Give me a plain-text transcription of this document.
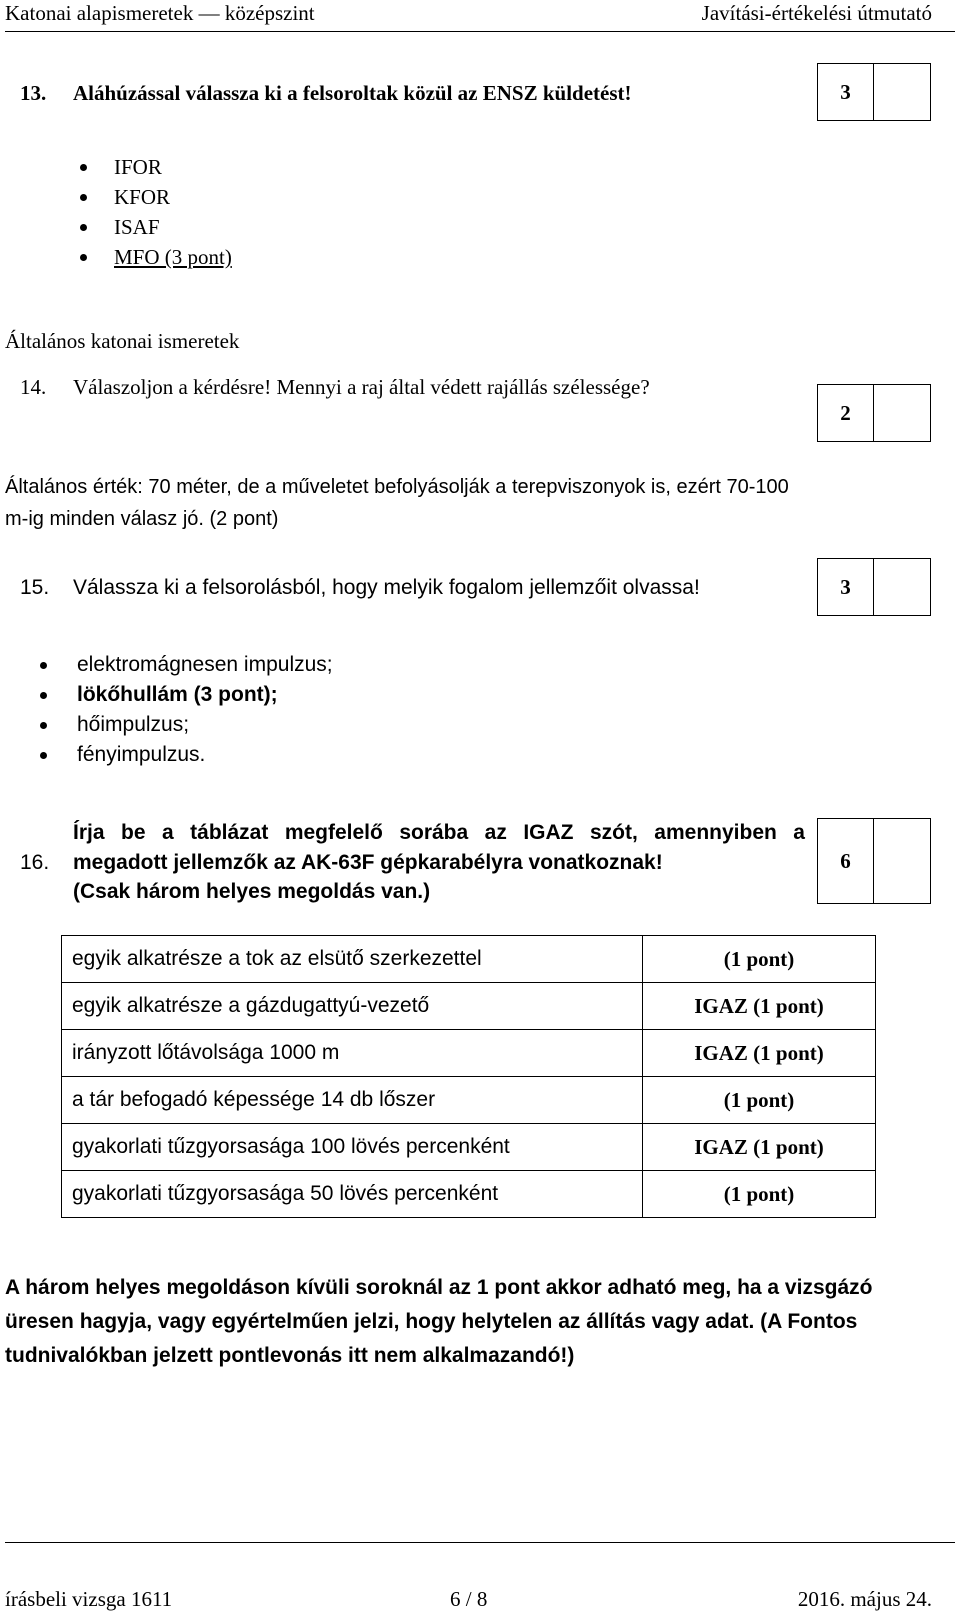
Katonai alapismeretek — középszint	Javítási-értékelési útmutató
13. Aláhúzással válassza ki a felsoroltak közül az ENSZ küldetést!	3
IFOR
KFOR
ISAF
MFO (3 pont)
Általános katonai ismeretek
14. Válaszoljon a kérdésre! Mennyi a raj által védett rajállás szélessége?
2
Általános érték: 70 méter, de a műveletet befolyásolják a terepviszonyok is, ezért 70-100
m-ig minden válasz jó. (2 pont)
15. Válassza ki a felsorolásból, hogy melyik fogalom jellemzőit olvassa!	3
elektromágnesen impulzus;
lökőhullám (3 pont);
hőimpulzus;
fényimpulzus.
16.
Írja be a táblázat megfelelő sorába az IGAZ szót, amennyiben a
megadott jellemzők az AK-63F gépkarabélyra vonatkoznak!
(Csak három helyes megoldás van.)
6
egyik alkatrésze a tok az elsütő szerkezettel	(1 pont)
egyik alkatrésze a gázdugattyú-vezető	IGAZ (1 pont)
irányzott lőtávolsága 1000 m	IGAZ (1 pont)
a tár befogadó képessége 14 db lőszer	(1 pont)
gyakorlati tűzgyorsasága 100 lövés percenként	IGAZ (1 pont)
gyakorlati tűzgyorsasága 50 lövés percenként	(1 pont)
A három helyes megoldáson kívüli soroknál az 1 pont akkor adható meg, ha a vizsgázó
üresen hagyja, vagy egyértelműen jelzi, hogy helytelen az állítás vagy adat. (A Fontos
tudnivalókban jelzett pontlevonás itt nem alkalmazandó!)
írásbeli vizsga 1611	6 / 8	2016. május 24.
